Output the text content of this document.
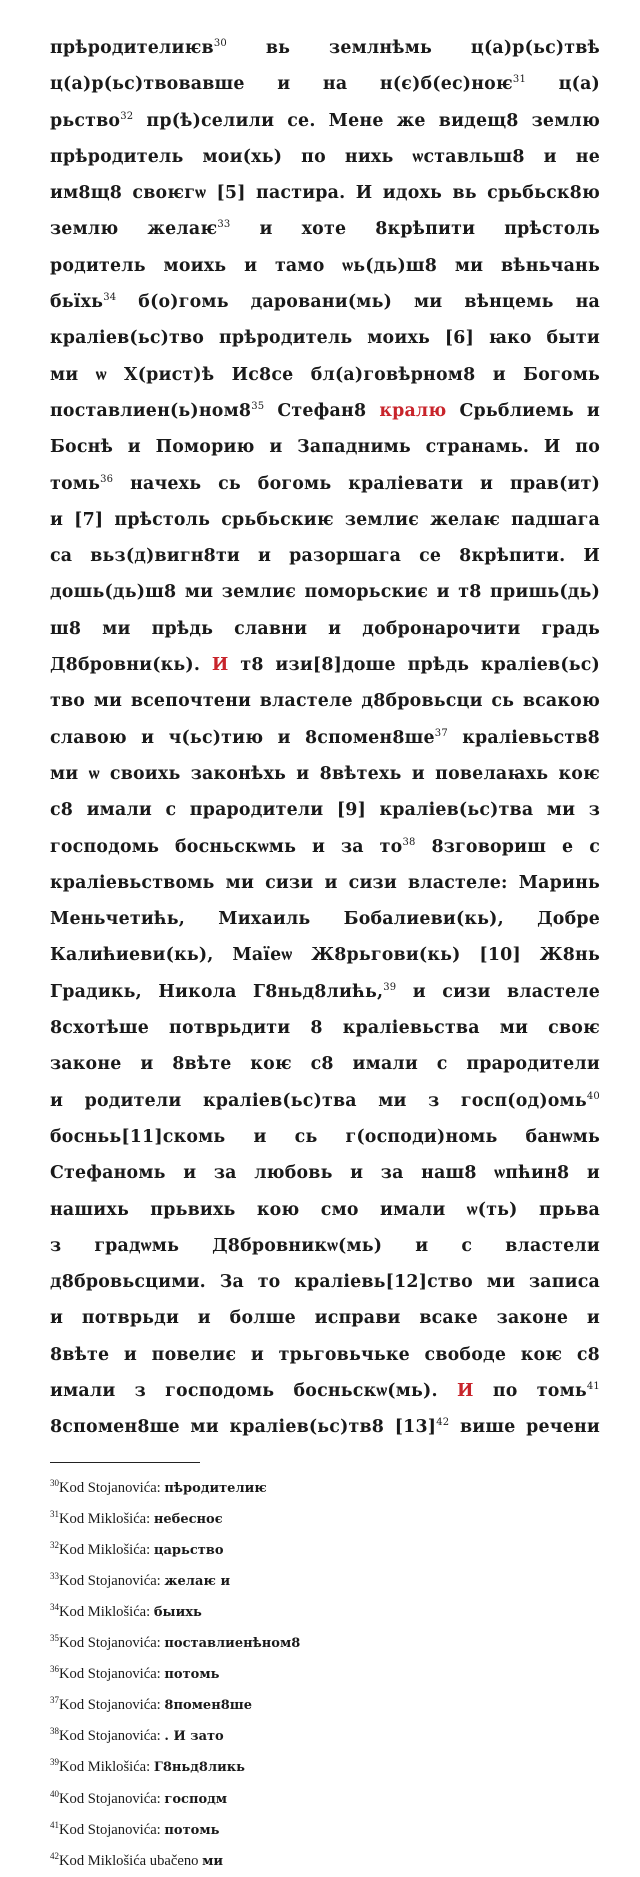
прѣродителиѥв$^{30}$ вь землнѣмь ц(а)р(ьс)твѣ
ц(а)р(ьс)твовавше и на н(є)б(ес)ноѥ$^{31}$ ц(а)
рьство$^{32}$ пр(ѣ)селили се. Мене же видещ8 землю
прѣродитель мои(хь) по нихь ѡставльш8 и не
им8щ8 своѥгѡ [5] пастира. И идохь вь срьбьск8ю
землю желаѥ$^{33}$ и хоте 8крѣпити прѣстоль
родитель моихь и тамо ѡь(дь)ш8 ми вѣньчань
бьїхь$^{34}$ б(о)гомь даровани(мь) ми вѣнцемь на
краліев(ьс)тво прѣродитель моихь [6] ꙗко быти
ми ѡ Х(рист)ѣ Ис8се бл(а)говѣрном8 и Богомь
$поставлиен(ь)ном8^{35}$ Стефан8 кралю Срьблиемь и
Боснѣ и Поморию и Западнимь странамь. И по
томь$^{36}$ начехь сь богомь краліевати и прав(ит)
и [7] прѣстоль срьбьскиѥ землиє желаѥ падшага
са вьз(д)вигн8ти и разоршага се 8крѣпити. И
дошь(дь)ш8 ми землиє поморьскиє и т8 пришь(дь)
ш8 ми прѣдь славни и добронарочити градь
Д8бровни(кь). И т8 изи[8]доше прѣдь краліев(ьс)
тво ми всепочтени властеле д8бровьсци сь всакою
славою и ч(ьс)тию и $8спомен8ше^{37}$ краліевьств8
ми ѡ своихь законѣхь и 8вѣтехь и повелаꙗхь коѥ
с8 имали с прародители [9] краліев(ьс)тва ми з
господомь босньскѡмь и за $то^{38}$ 8зговориш е с
краліевьствомь ми сизи и сизи властеле: Маринь
Меньчетићь, Михаиль Бобалиеви(кь), Добре
Калићиеви(кь), Маїеѡ Ж8рьгови(кь) [10] Ж8нь
Градикь, Никола Г8ньд8лићь,$^{39}$ и сизи властеле
8схотѣше потврьдити 8 краліевьства ми своѥ
законе и 8вѣте коѥ с8 имали с прародители
и родители краліев(ьс)тва ми з госп(од)омь$^{40}$
босньь[11]скомь и сь г(осподи)номь банѡмь
Стефаномь и за любовь и за наш8 ѡпћин8 и
нашихь прьвихь кою смо имали ѡ(ть) прьва
з градѡмь Д8бровникѡ(мь) и с властели
д8бровьсцими. За то краліевь[12]ство ми записа
и потврьди и болше исправи всаке законе и
8вѣте и повелиє и трьговьчьке свободе коѥ с8
имали з господомь босньскѡ(мь). И по томь$^{41}$
8спомен8ше ми краліев(ьс)тв8 $[13]^{42}$ више речени
$^{30}$Kod Stojanovića: пѣродителиѥ
$^{31}$Kod Miklošića: небесноє
$^{32}$Kod Miklošića: царьство
$^{33}$Kod Stojanovića: желаѥ и
$^{34}$Kod Miklošića: быихь
$^{35}$Kod Stojanovića: поставлиенѣном8
$^{36}$Kod Stojanovića: потомь
$^{37}$Kod Stojanovića: 8помен8ше
$^{38}$Kod Stojanovića: . И зато
$^{39}$Kod Miklošića: Г8ньд8ликь
$^{40}$Kod Stojanovića: господм
$^{41}$Kod Stojanovića: потомь
$^{42}$Kod Miklošića ubačeno ми
